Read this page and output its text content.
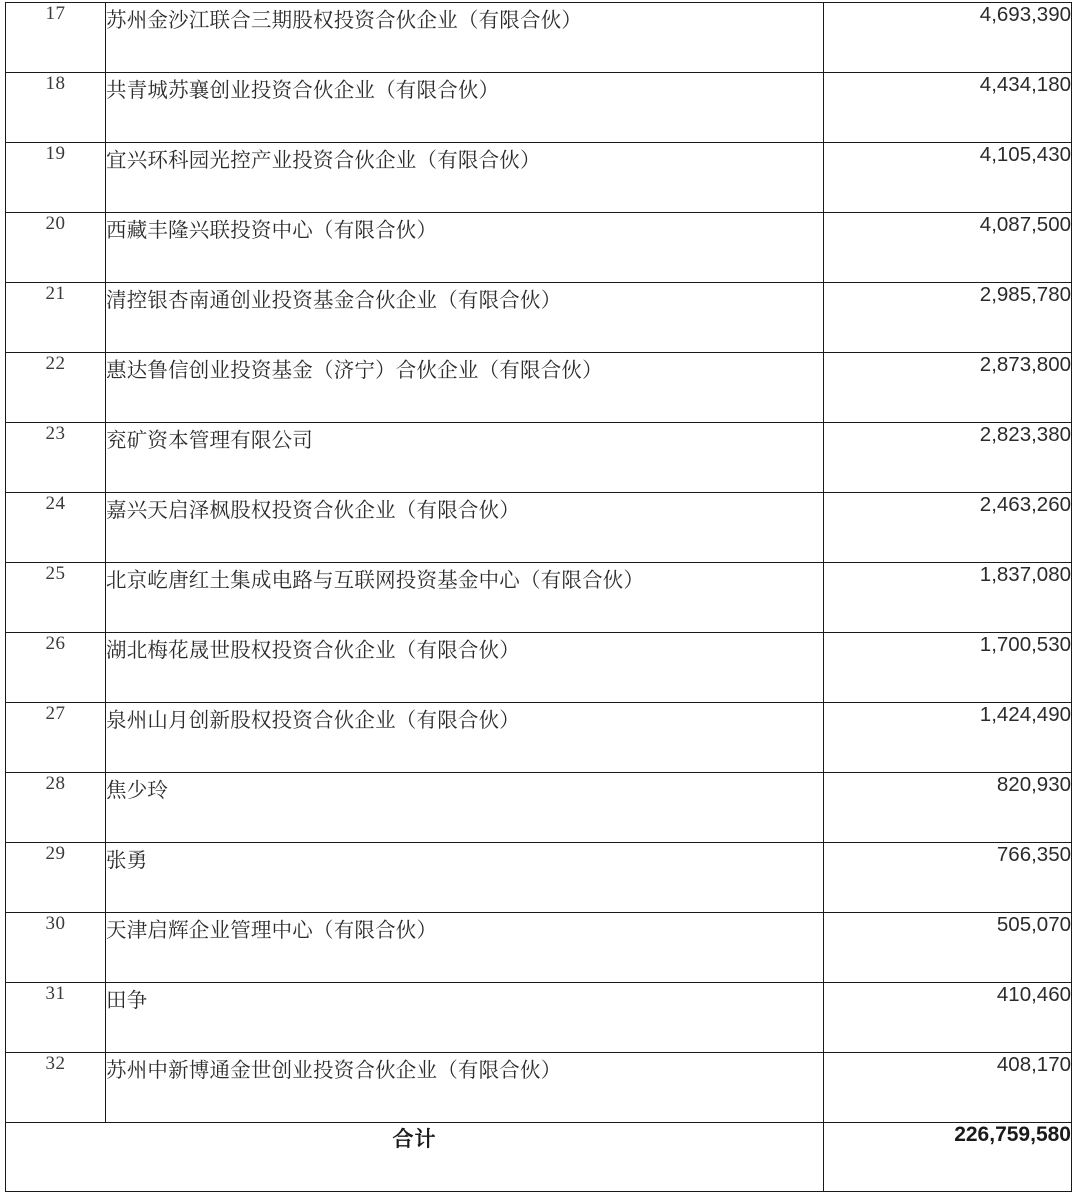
17	苏州金沙江联合三期股权投资合伙企业（有限合伙）	4,693,390
18	共青城苏襄创业投资合伙企业（有限合伙）	4,434,180
19	宜兴环科园光控产业投资合伙企业（有限合伙）	4,105,430
20	西藏丰隆兴联投资中心（有限合伙）	4,087,500
21	清控银杏南通创业投资基金合伙企业（有限合伙）	2,985,780
22	惠达鲁信创业投资基金（济宁）合伙企业（有限合伙）	2,873,800
23	兖矿资本管理有限公司	2,823,380
24	嘉兴天启泽枫股权投资合伙企业（有限合伙）	2,463,260
25	北京屹唐红土集成电路与互联网投资基金中心（有限合伙）	1,837,080
26	湖北梅花晟世股权投资合伙企业（有限合伙）	1,700,530
27	泉州山月创新股权投资合伙企业（有限合伙）	1,424,490
28	焦少玲	820,930
29	张勇	766,350
30	天津启辉企业管理中心（有限合伙）	505,070
31	田争	410,460
32	苏州中新博通金世创业投资合伙企业（有限合伙）	408,170
合计		226,759,580
